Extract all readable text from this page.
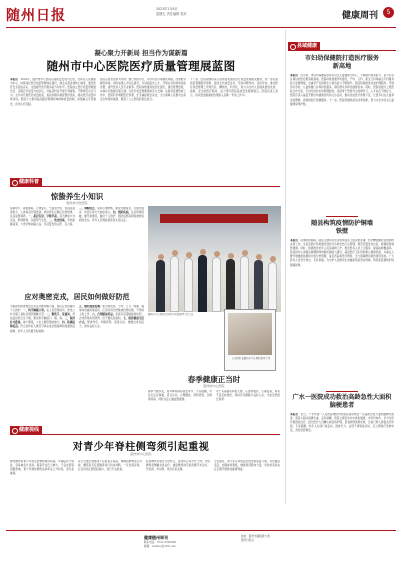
随州日报	2023年1月6日
星期五 责任编辑 校对	健康周刊	5
凝心聚力开新局 担当作为谋新篇
随州市中心医院医疗质量管理展蓝图
本报讯　2022年，随州市中心医院以高质量发展为主线，坚持以人民健康为中心，持续深化医疗质量管理体系建设，健全完善各项核心制度，强化医疗安全底线意识，全面提升医疗服务能力和水平。医院成立医疗质量管理委员会，定期召开质量分析会议，对临床科室开展专项督查，不断规范诊疗行为。全年共开展医疗质量检查，查找问题并督促整改落实，推动医疗质量持续改进。医院大力推进临床路径管理和单病种质量控制，加强重点专科建设，优化诊疗流程。
医院以患者需求为导向，推行预约诊疗、多学科会诊等便民举措，改善群众就医体验。同时加强人才队伍建设，引进高层次人才，开展业务培训和技能竞赛，提升医务人员专业素养。医院持续推进信息化建设，建设智慧医院，实现诊疗数据互联互通，为医疗质量管理提供有力支撑。在新冠疫情防控工作中，医院科学调配医疗资源，扩充重症救治床位，全力保障人民群众生命安全和身体健康，展现了公立医院的责任担当。
下一步，医院将继续深入贯彻落实国家医疗质量管理相关要求，进一步完善质量管理组织架构，强化全员质量意识，坚持问题导向、目标导向，推动医疗质量管理工作规范化、精细化、科学化，努力为全市人民提供更加优质、高效、安全的医疗服务，奋力谱写医院高质量发展新篇章。医院负责人表示，将以更加饱满的热情投入到新一年的工作中。
健康科普
惊蛰养生小知识
随州市中医医院
惊蛰时节，春雷始鸣，万物复苏，气温回升快，但昼夜温差较大，人体易受外邪侵袭。此时养生应顺应自然规律，注意起居调养。一、起居有常，早睡早起。适当增加户外活动，舒展筋骨，以助阳气生发。二、饮食清淡，多吃新鲜蔬菜，少食辛辣油腻之品，可适量食用山药、百合等。
三、调畅情志，保持心情舒畅，避免急躁易怒，可通过散步、听音乐等方式放松身心。四、预防疾病，注意防寒保暖，勤开窗通风，做好个人防护，预防流感等呼吸道传染病的发生。老年人及慢性病患者尤需注意。
应对奥密克戎，居民如何做好防范
当前新冠病毒奥密克戎变异株传播力强，居民应坚持做好个人防护。一、科学佩戴口罩。在人员密集场所、乘坐公共交通工具时应规范佩戴口罩。二、勤洗手、常通风。养成良好的卫生习惯，避免用手触摸口、眼、鼻。三、保持社交距离。减少聚集，少去人群密集的地方。四、积极接种疫苗。符合条件的人群应尽快完成全程接种和加强免疫接种，老年人尤其要及时接种。
五、做好健康监测。如出现发热、干咳、乏力、咽痛、嗅觉味觉减退等症状，应及时进行核酸或抗原检测，不带病上班上学。六、合理储备药品。家庭可适量储备退热药、止咳药等常用药物，但不要盲目囤积。七、保持健康生活方式。规律作息，均衡营养，适度运动，增强自身免疫力，保持良好心态。
随州市中心医院召开医疗质量管理工作会议
专家团队在随州市中心医院指导工作
春季健康正当时
随州市中心医院
春季气候多变，是多种疾病的高发季节。专家提醒，市民应注意保暖，适当运动，合理膳食，预防感冒、过敏等疾病，同时关注心脑血管健康。
对于有基础疾病的人群，应按时服药，定期复查，如有不适及时就医。保持充足睡眠与良好心态，才能安然度过春季。
健康视线
对青少年脊柱侧弯须引起重视
随州市中心医院
脊柱侧弯是青少年常见的脊柱畸形疾病，早期症状不明显，容易被家长忽视。随着学业压力增大、不良坐姿等因素影响，青少年脊柱侧弯发病率呈上升趋势，需引起重视。
家长可通过观察孩子双肩是否等高、两侧肩胛骨是否对称、腰部是否有褶皱等进行初步判断。一旦发现异常，应及时到正规医院就诊，进行专业检查。
轻度侧弯可通过运动矫正、姿势纠正等方式干预；中度侧弯需佩戴支具治疗；重度侧弯则可能需要手术治疗。早发现、早诊断、早治疗是关键。
专家建议，青少年应养成良好的坐姿站姿习惯，书包重量适宜，加强体育锻炼，增强背部肌肉力量，学校和家庭也应定期开展脊柱健康筛查。
县域健康
市妇幼保健院打造医疗服务新高地
本报讯　近年来，市妇幼保健院坚持以妇女儿童健康为中心，不断提升服务能力，着力打造区域妇幼医疗服务新高地。医院持续加强学科建设，产科、儿科、新生儿科等重点专科服务能力显著增强，危重孕产妇和新生儿救治能力不断提升。医院积极推进优质护理服务，开展孕妇学校、儿童保健门诊等特色服务，满足群众多样化健康需求。同时，医院加强与上级医院合作交流，引进先进技术和管理经验，选派骨干医师外出进修学习，人才队伍不断壮大。医院还深入基层开展妇幼健康宣传和义诊活动，推动优质医疗资源下沉，让更多妇女儿童享受到便捷、高效的医疗保健服务。下一步，医院将继续深化改革创新，努力为全市妇女儿童健康保驾护航。
随县构筑疫情防护铜墙铁壁
本报讯　疫情防控期间，随县卫健系统坚决贯彻落实上级决策部署，科学精准做好疫情防控各项工作。全县各医疗机构强化预检分诊和发热门诊管理，规范设置发热诊室，畅通患者就医通道。同时，积极推进老年人疫苗接种工作，组织医务人员上门服务，提高接种覆盖率。县疾控中心加强流调溯源和核酸检测能力建设，基层医疗卫生机构建立健康档案，对重点人群开展健康监测和分级分类管理，备足药品和医疗物资，全力保障群众就医用药需求。广大医务人员坚守岗位、无私奉献，为守护人民群众生命健康筑起坚实屏障，构筑起疫情防护的铜墙铁壁。
广水一医院成功救治高龄急性大面积脑梗患者
本报讯　近日，广水市第一人民医院神经内科团队成功救治一名高龄急性大面积脑梗死患者。患者入院时病情危重，意识模糊，医院立即启动卒中绿色通道，多学科协作，争分夺秒开展溶栓治疗。经过医护人员精心救治和护理，患者病情逐渐好转，目前已转入康复治疗阶段。专家提醒，老年人出现口角歪斜、肢体无力、言语不清等症状时，应立即拨打急救电话，及时送医救治。
健康随州周刊
联系电话：0722-3300000
邮箱：suizhou@163.com
地址：随州市擂鼓墩大道
随州日报社
